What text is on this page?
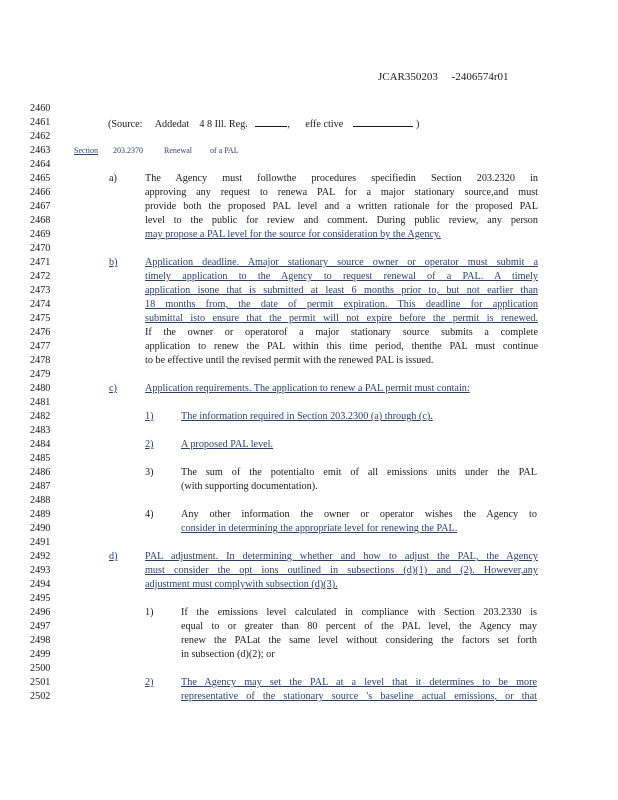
JCAR350203 -2406574r01
2460
2461
2462
2463
2464
2465
2466
2467
2468
2469
2470
2471
2472
2473
2474
2475
2476
2477
2478
2479
2480
2481
2482
2483
2484
2485
2486
2487
2488
2489
2490
2491
2492
2493
2494
2495
2496
2497
2498
2499
2500
2501
2502
(Source: Addedat 4 8 Ill. Reg.	,      effe ctive	)
Section 203.2370	Renewal of a PAL
a)	The Agency must followthe procedures specifiedin Section 203.2320 in
approving any request to renewa PAL for a major stationary source,and must
provide both the proposed PAL level and a written rationale for the proposed PAL
level to the public for review and comment. During public review, any person
may propose a PAL level for the source for consideration by the Agency.
b)	Application deadline. Amajor stationary source owner or operator must submit a
timely application to the Agency to request renewal of a PAL. A timely
application isone that is submitted at least 6 months prior to, but not earlier than
18 months from, the date of permit expiration. This deadline for application
submittal isto ensure that the permit will not expire before the permit is renewed.
If the owner or operatorof a major stationary source submits a complete
application to renew the PAL within this time period, thenthe PAL must continue
to be effective until the revised permit with the renewed PAL is issued.
c)	Application requirements. The application to renew a PAL permit must contain:
1)	The information required in Section 203.2300 (a) through (c).
2)	A proposed PAL level.
3)	The sum of the potentialto emit of all emissions units under the PAL
(with supporting documentation).
4)	Any other information the owner or operator wishes the Agency to
consider in determining the appropriate level for renewing the PAL.
d)	PAL adjustment. In determining whether and how to adjust the PAL, the Agency
must consider the opt ions outlined in subsections (d)(1) and (2). However,any
adjustment must complywith subsection (d)(3).
1)	If the emissions level calculated in compliance with Section 203.2330 is
equal to or greater than 80 percent of the PAL level, the Agency may
renew the PALat the same level without considering the factors set forth
in subsection (d)(2); or
2)	The Agency may set the PAL at a level that it determines to be more
representative of the stationary source 's baseline actual emissions, or that
